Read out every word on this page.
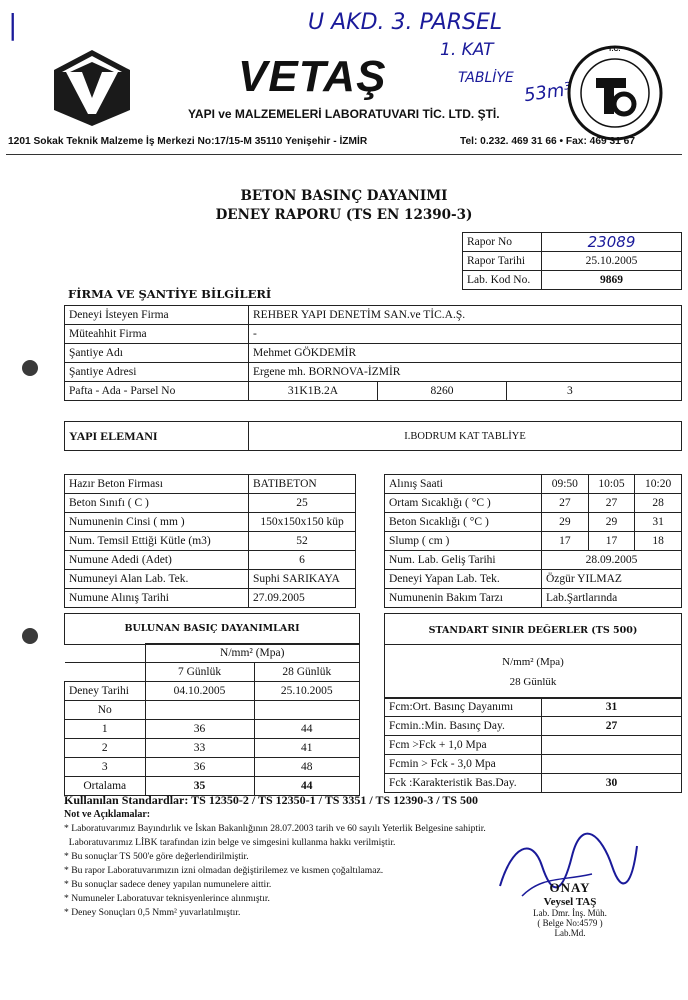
|	U AKD. 3. PARSEL
1. KAT
TABLİYE
53m³
VETAŞ
YAPI ve MALZEMELERİ LABORATUVARI TİC. LTD. ŞTİ.
T.C.
1201 Sokak Teknik Malzeme İş Merkezi No:17/15-M 35110 Yenişehir - İZMİR	Tel: 0.232. 469 31 66 • Fax: 469 31 67
BETON BASINÇ DAYANIMI
DENEY RAPORU (TS EN 12390-3)
Rapor No	23089
Rapor Tarihi	25.10.2005
Lab. Kod No.	9869
FİRMA VE ŞANTİYE BİLGİLERİ
Deneyi İsteyen Firma	REHBER YAPI DENETİM SAN.ve TİC.A.Ş.		
Müteahhit Firma	-		
Şantiye Adı	Mehmet GÖKDEMİR		
Şantiye Adresi	Ergene mh. BORNOVA-İZMİR		
Pafta - Ada - Parsel No	31K1B.2A	8260	3
YAPI ELEMANI	I.BODRUM KAT TABLİYE
Hazır Beton Firması	BATIBETON
Beton Sınıfı ( C )	25
Numunenin Cinsi ( mm )	150x150x150 küp
Num. Temsil Ettiği Kütle (m3)	52
Numune Adedi (Adet)	6
Numuneyi Alan Lab. Tek.	Suphi SARIKAYA
Numune Alınış Tarihi	27.09.2005
Alınış Saati	09:50	10:05	10:20
Ortam Sıcaklığı ( °C )	27	27	28
Beton Sıcaklığı ( °C )	29	29	31
Slump ( cm )	17	17	18
Num. Lab. Geliş Tarihi	28.09.2005		
Deneyi Yapan Lab. Tek.	Özgür YILMAZ		
Numunenin Bakım Tarzı	Lab.Şartlarında		
BULUNAN BASIÇ DAYANIMLARI
	N/mm² (Mpa)	
	7 Günlük	28 Günlük
Deney Tarihi	04.10.2005	25.10.2005
No		
1	36	44
2	33	41
3	36	48
Ortalama	35	44
STANDART SINIR DEĞERLER (TS 500)
N/mm² (Mpa)
28 Günlük
Fcm:Ort. Basınç Dayanımı	31
Fcmin.:Min. Basınç Day.	27
Fcm >Fck + 1,0 Mpa	
Fcmin > Fck - 3,0 Mpa	
Fck :Karakteristik Bas.Day.	30
Kullanılan Standardlar: TS 12350-2 / TS 12350-1 / TS 3351 / TS 12390-3 / TS 500
Not ve Açıklamalar:
* Laboratuvarımız Bayındırlık ve İskan Bakanlığının 28.07.2003 tarih ve 60 sayılı Yeterlik Belgesine sahiptir.
Laboratuvarımız LİBK tarafından izin belge ve simgesini kullanma hakkı verilmiştir.
* Bu sonuçlar TS 500'e göre değerlendirilmiştir.
* Bu rapor Laboratuvarımızın izni olmadan değiştirilemez ve kısmen çoğaltılamaz.
* Bu sonuçlar sadece deney yapılan numunelere aittir.
* Numuneler Laboratuvar teknisyenlerince alınmıştır.
* Deney Sonuçları 0,5 Nmm² yuvarlatılmıştır.
ONAY
Veysel TAŞ
Lab. Dmr. İnş. Müh.
( Belge No:4579 )
Lab.Md.
